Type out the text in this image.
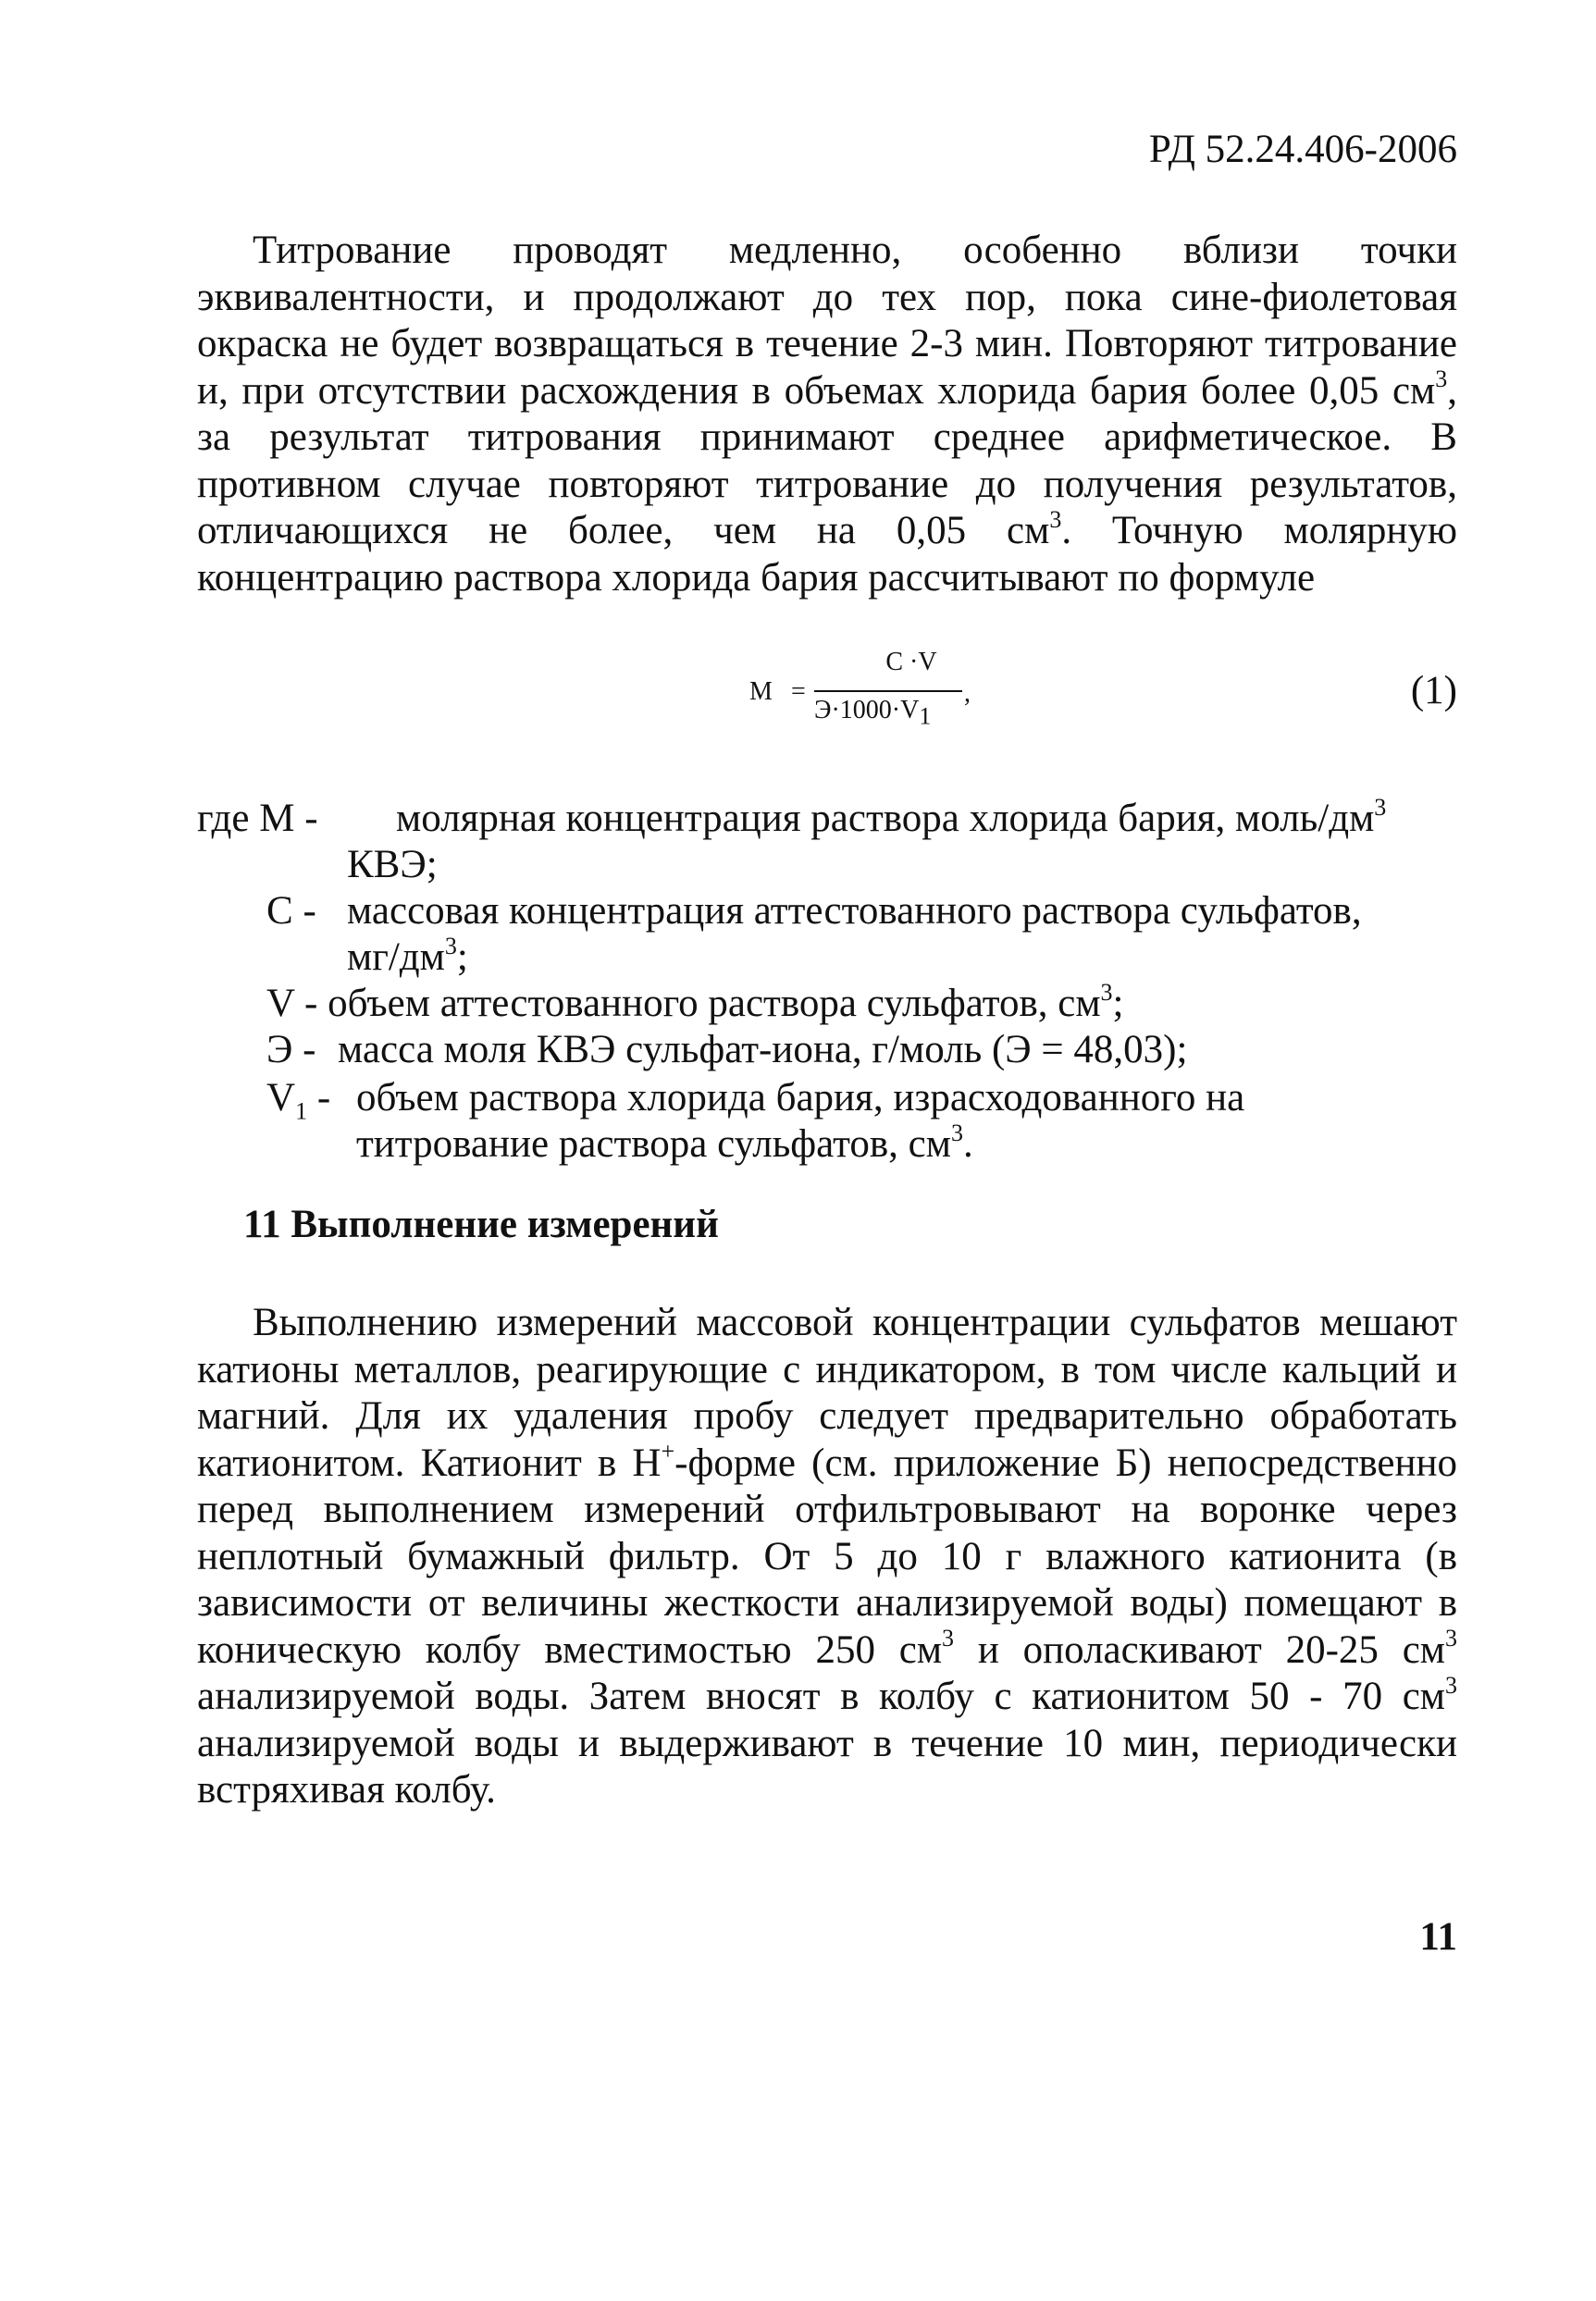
РД 52.24.406-2006
Титрование проводят медленно, особенно вблизи точки эквивалентности, и продолжают до тех пор, пока сине-фиолетовая окраска не будет возвращаться в течение 2-3 мин. Повторяют титрование и, при отсутствии расхождения в объемах хлорида бария более 0,05 $см^3$, за результат титрования принимают среднее арифметическое. В противном случае повторяют титрование до получения результатов, отличающихся не более, чем на 0,05 $см^3$. Точную молярную концентрацию раствора хлорида бария рассчитывают по формуле
M =
C ·V
$Э\cdot 1000\cdot V_1$
,	(1)
где M - молярная концентрация раствора хлорида бария, моль/$дм^3$
КВЭ;
C - массовая концентрация аттестованного раствора сульфатов,
$мг/дм^3$;
V - объем аттестованного раствора сульфатов, $см^3$;
Э - масса моля КВЭ сульфат-иона, г/моль (Э = 48,03);
$V_1$ - объем раствора хлорида бария, израсходованного на
титрование раствора сульфатов, $см^3$.
11 Выполнение измерений
Выполнению измерений массовой концентрации сульфатов мешают катионы металлов, реагирующие с индикатором, в том числе кальций и магний. Для их удаления пробу следует предварительно обработать катионитом. Катионит в H+-форме (см. приложение Б) непосредственно перед выполнением измерений отфильтровывают на воронке через неплотный бумажный фильтр. От 5 до 10 г влажного катионита (в зависимости от величины жесткости анализируемой воды) помещают в коническую колбу вместимостью 250 $см^3$ и ополаскивают 20-25 $см^3$ анализируемой воды. Затем вносят в колбу с катионитом 50 - 70 $см^3$ анализируемой воды и выдерживают в течение 10 мин, периодически встряхивая колбу.
11
